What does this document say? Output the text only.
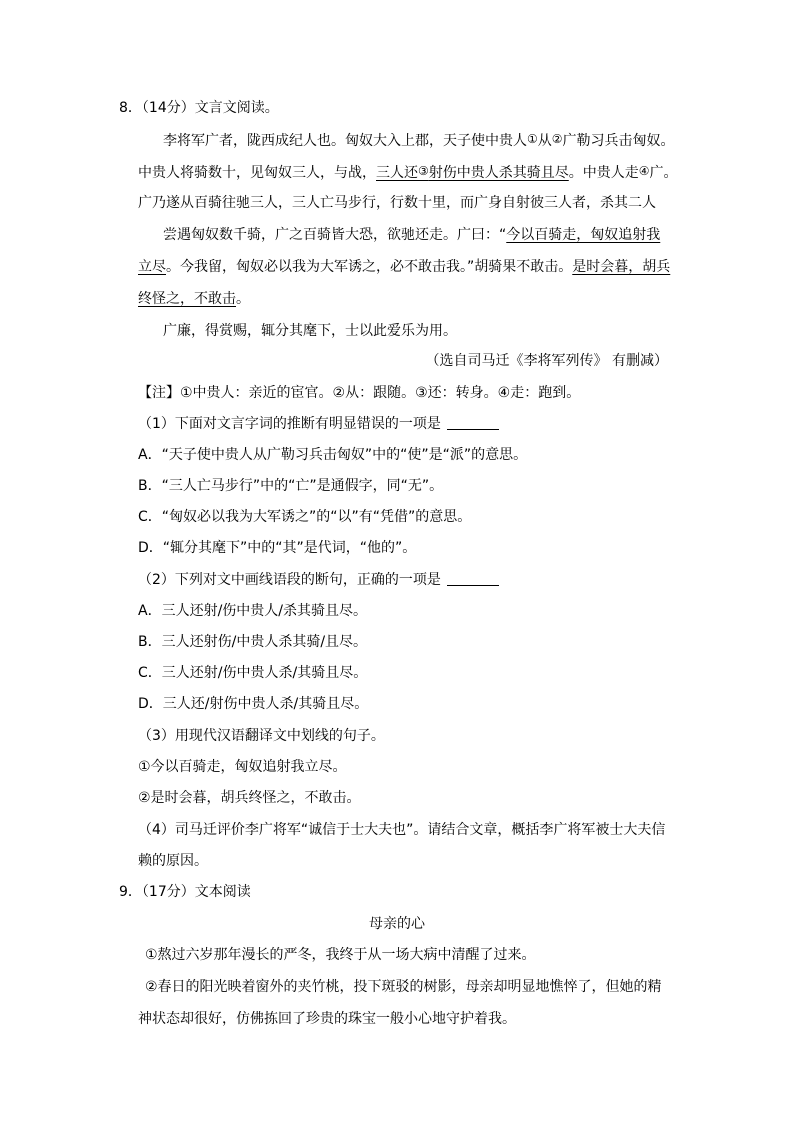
8．（14分）文言文阅读。
李将军广者，陇西成纪人也。匈奴大入上郡，天子使中贵人①从②广勒习兵击匈奴。
中贵人将骑数十，见匈奴三人，与战，三人还③射伤中贵人杀其骑且尽。中贵人走④广。
广乃遂从百骑往驰三人，三人亡马步行，行数十里，而广身自射彼三人者，杀其二人
尝遇匈奴数千骑，广之百骑皆大恐，欲驰还走。广曰：“今以百骑走，匈奴追射我
立尽。今我留，匈奴必以我为大军诱之，必不敢击我。”胡骑果不敢击。是时会暮，胡兵
终怪之，不敢击。
广廉，得赏赐，辄分其麾下，士以此爱乐为用。
（选自司马迁《李将军列传》 有删减）
【注】①中贵人：亲近的宦官。②从：跟随。③还：转身。④走：跑到。
（1）下面对文言字词的推断有明显错误的一项是
A．“天子使中贵人从广勒习兵击匈奴”中的“使”是“派”的意思。
B．“三人亡马步行”中的“亡”是通假字，同“无”。
C．“匈奴必以我为大军诱之”的“以”有“凭借”的意思。
D．“辄分其麾下”中的“其”是代词，“他的”。
（2）下列对文中画线语段的断句，正确的一项是
A．三人还射/伤中贵人/杀其骑且尽。
B．三人还射伤/中贵人杀其骑/且尽。
C．三人还射/伤中贵人杀/其骑且尽。
D．三人还/射伤中贵人杀/其骑且尽。
（3）用现代汉语翻译文中划线的句子。
①今以百骑走，匈奴追射我立尽。
②是时会暮，胡兵终怪之，不敢击。
（4）司马迁评价李广将军“诚信于士大夫也”。请结合文章，概括李广将军被士大夫信
赖的原因。
9．（17分）文本阅读
母亲的心
①熬过六岁那年漫长的严冬，我终于从一场大病中清醒了过来。
②春日的阳光映着窗外的夹竹桃，投下斑驳的树影，母亲却明显地憔悴了，但她的精
神状态却很好，仿佛拣回了珍贵的珠宝一般小心地守护着我。
